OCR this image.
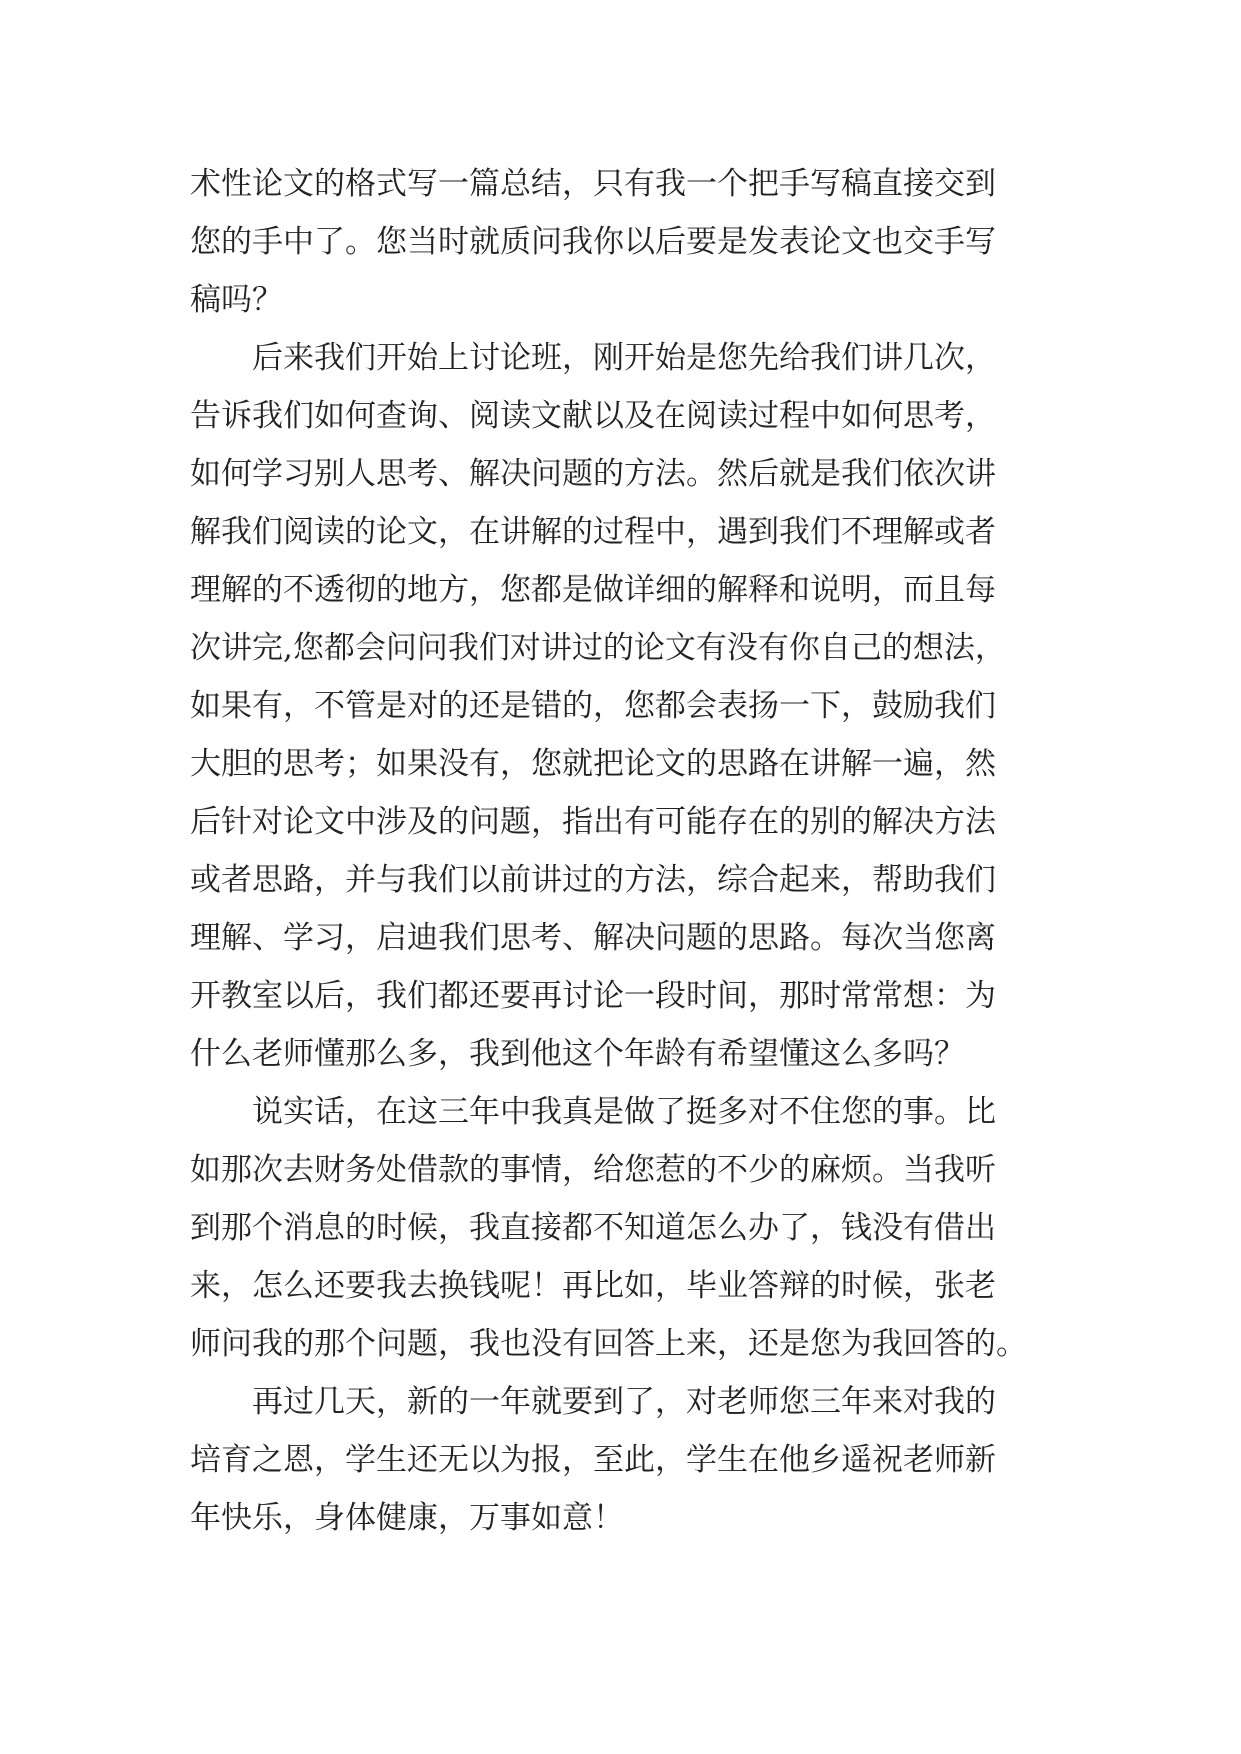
术性论文的格式写一篇总结，只有我一个把手写稿直接交到
您的手中了。您当时就质问我你以后要是发表论文也交手写
稿吗？
　　后来我们开始上讨论班，刚开始是您先给我们讲几次，
告诉我们如何查询、阅读文献以及在阅读过程中如何思考，
如何学习别人思考、解决问题的方法。然后就是我们依次讲
解我们阅读的论文，在讲解的过程中，遇到我们不理解或者
理解的不透彻的地方，您都是做详细的解释和说明，而且每
次讲完,您都会问问我们对讲过的论文有没有你自己的想法，
如果有，不管是对的还是错的，您都会表扬一下，鼓励我们
大胆的思考；如果没有，您就把论文的思路在讲解一遍，然
后针对论文中涉及的问题，指出有可能存在的别的解决方法
或者思路，并与我们以前讲过的方法，综合起来，帮助我们
理解、学习，启迪我们思考、解决问题的思路。每次当您离
开教室以后，我们都还要再讨论一段时间，那时常常想：为
什么老师懂那么多，我到他这个年龄有希望懂这么多吗？
　　说实话，在这三年中我真是做了挺多对不住您的事。比
如那次去财务处借款的事情，给您惹的不少的麻烦。当我听
到那个消息的时候，我直接都不知道怎么办了，钱没有借出
来，怎么还要我去换钱呢！再比如，毕业答辩的时候，张老
师问我的那个问题，我也没有回答上来，还是您为我回答的。
　　再过几天，新的一年就要到了，对老师您三年来对我的
培育之恩，学生还无以为报，至此，学生在他乡遥祝老师新
年快乐，身体健康，万事如意！
